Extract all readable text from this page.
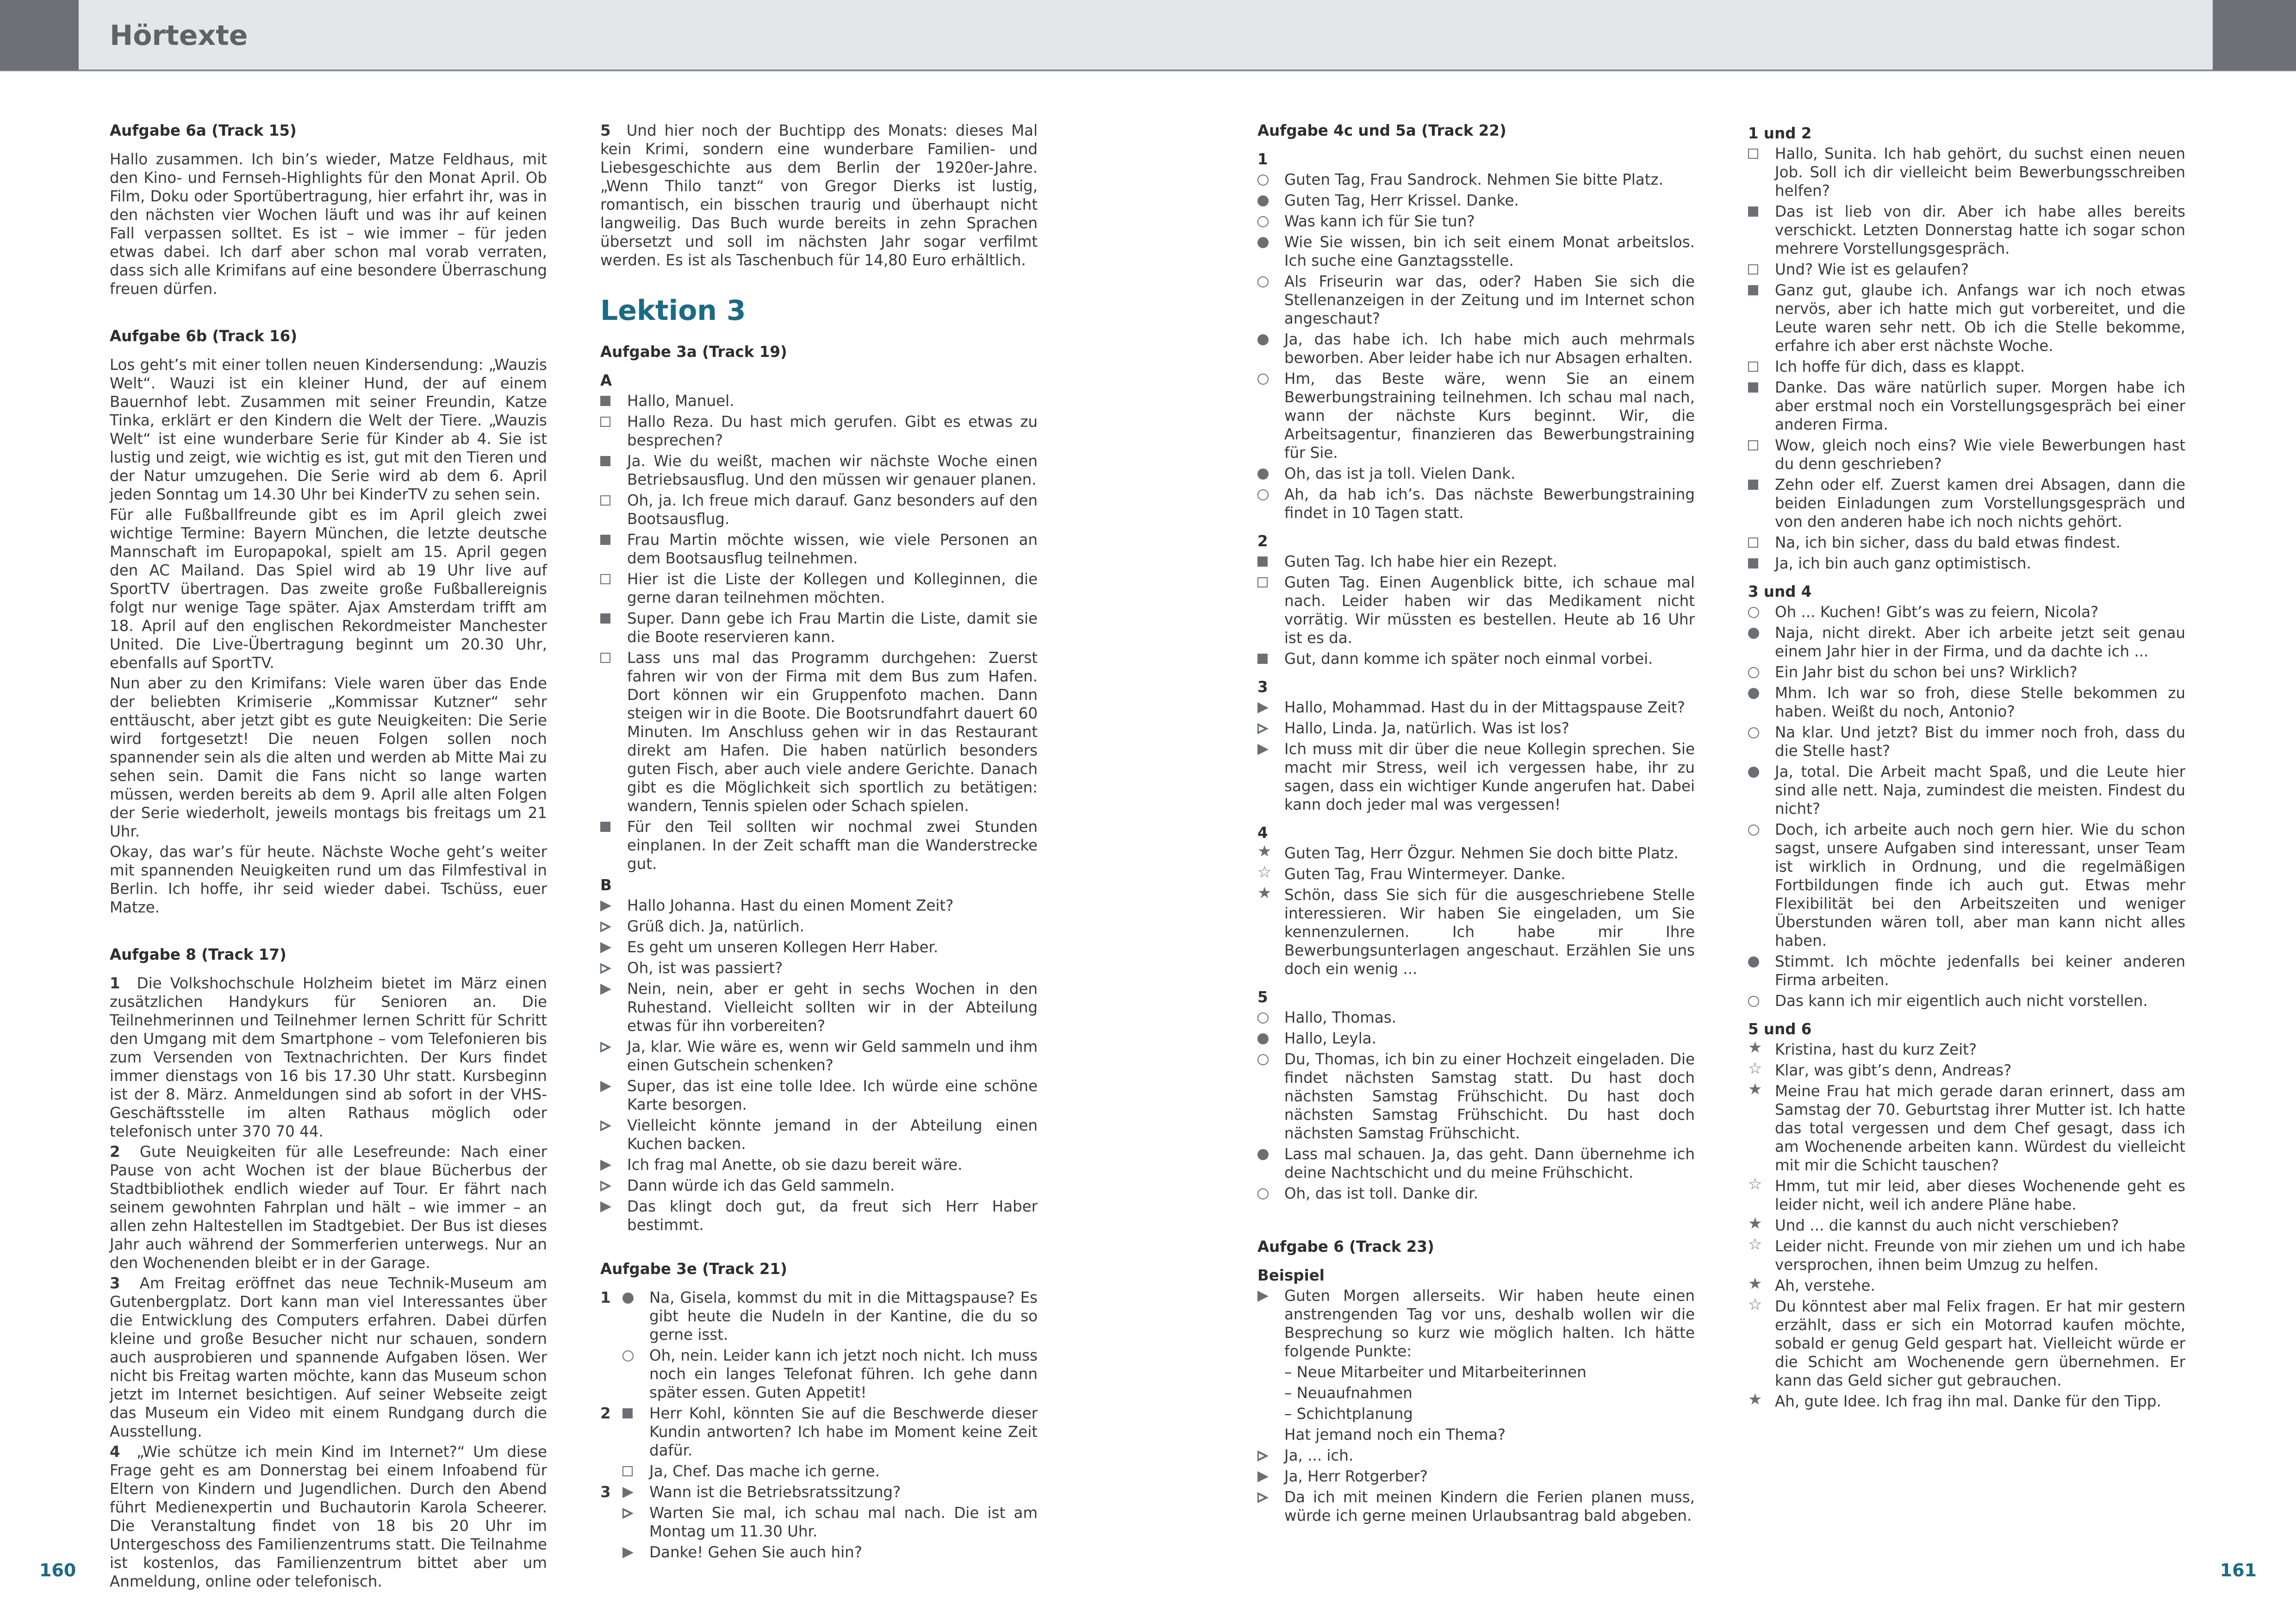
Hörtexte
Aufgabe 6a (Track 15)
Hallo zusammen. Ich bin’s wieder, Matze Feldhaus, mit den Kino- und Fernseh-Highlights für den Monat April. Ob Film, Doku oder Sportübertragung, hier erfahrt ihr, was in den nächsten vier Wochen läuft und was ihr auf keinen Fall verpassen solltet. Es ist – wie immer – für jeden etwas dabei. Ich darf aber schon mal vorab verraten, dass sich alle Krimifans auf eine besondere Überraschung freuen dürfen.
Aufgabe 6b (Track 16)
Los geht’s mit einer tollen neuen Kindersendung: „Wauzis Welt“. Wauzi ist ein kleiner Hund, der auf einem Bauernhof lebt. Zusammen mit seiner Freundin, Katze Tinka, erklärt er den Kindern die Welt der Tiere. „Wauzis Welt“ ist eine wunderbare Serie für Kinder ab 4. Sie ist lustig und zeigt, wie wichtig es ist, gut mit den Tieren und der Natur umzugehen. Die Serie wird ab dem 6. April jeden Sonntag um 14.30 Uhr bei KinderTV zu sehen sein.
Für alle Fußballfreunde gibt es im April gleich zwei wichtige Termine: Bayern München, die letzte deutsche Mannschaft im Europapokal, spielt am 15. April gegen den AC Mailand. Das Spiel wird ab 19 Uhr live auf SportTV übertragen. Das zweite große Fußballereignis folgt nur wenige Tage später. Ajax Amsterdam trifft am 18. April auf den englischen Rekordmeister Manchester United. Die Live-Übertragung beginnt um 20.30 Uhr, ebenfalls auf SportTV.
Nun aber zu den Krimifans: Viele waren über das Ende der beliebten Krimiserie „Kommissar Kutzner“ sehr enttäuscht, aber jetzt gibt es gute Neuigkeiten: Die Serie wird fortgesetzt! Die neuen Folgen sollen noch spannender sein als die alten und werden ab Mitte Mai zu sehen sein. Damit die Fans nicht so lange warten müssen, werden bereits ab dem 9. April alle alten Folgen der Serie wiederholt, jeweils montags bis freitags um 21 Uhr.
Okay, das war’s für heute. Nächste Woche geht’s weiter mit spannenden Neuigkeiten rund um das Filmfestival in Berlin. Ich hoffe, ihr seid wieder dabei. Tschüss, euer Matze.
Aufgabe 8 (Track 17)
1 Die Volkshochschule Holzheim bietet im März einen zusätzlichen Handykurs für Senioren an. Die Teilnehmerinnen und Teilnehmer lernen Schritt für Schritt den Umgang mit dem Smartphone – vom Telefonieren bis zum Versenden von Textnachrichten. Der Kurs findet immer dienstags von 16 bis 17.30 Uhr statt. Kursbeginn ist der 8. März. Anmeldungen sind ab sofort in der VHS-Geschäftsstelle im alten Rathaus möglich oder telefonisch unter 370 70 44.
2 Gute Neuigkeiten für alle Lesefreunde: Nach einer Pause von acht Wochen ist der blaue Bücherbus der Stadtbibliothek endlich wieder auf Tour. Er fährt nach seinem gewohnten Fahrplan und hält – wie immer – an allen zehn Haltestellen im Stadtgebiet. Der Bus ist dieses Jahr auch während der Sommerferien unterwegs. Nur an den Wochenenden bleibt er in der Garage.
3 Am Freitag eröffnet das neue Technik-Museum am Gutenbergplatz. Dort kann man viel Interessantes über die Entwicklung des Computers erfahren. Dabei dürfen kleine und große Besucher nicht nur schauen, sondern auch ausprobieren und spannende Aufgaben lösen. Wer nicht bis Freitag warten möchte, kann das Museum schon jetzt im Internet besichtigen. Auf seiner Webseite zeigt das Museum ein Video mit einem Rundgang durch die Ausstellung.
4 „Wie schütze ich mein Kind im Internet?“ Um diese Frage geht es am Donnerstag bei einem Infoabend für Eltern von Kindern und Jugendlichen. Durch den Abend führt Medienexpertin und Buchautorin Karola Scheerer. Die Veranstaltung findet von 18 bis 20 Uhr im Untergeschoss des Familienzentrums statt. Die Teilnahme ist kostenlos, das Familienzentrum bittet aber um Anmeldung, online oder telefonisch.
5 Und hier noch der Buchtipp des Monats: dieses Mal kein Krimi, sondern eine wunderbare Familien- und Liebesgeschichte aus dem Berlin der 1920er-Jahre. „Wenn Thilo tanzt“ von Gregor Dierks ist lustig, romantisch, ein bisschen traurig und überhaupt nicht langweilig. Das Buch wurde bereits in zehn Sprachen übersetzt und soll im nächsten Jahr sogar verfilmt werden. Es ist als Taschenbuch für 14,80 Euro erhältlich.
Lektion 3
Aufgabe 3a (Track 19)
A
Hallo, Manuel.
Hallo Reza. Du hast mich gerufen. Gibt es etwas zu besprechen?
Ja. Wie du weißt, machen wir nächste Woche einen Betriebsausflug. Und den müssen wir genauer planen.
Oh, ja. Ich freue mich darauf. Ganz besonders auf den Bootsausflug.
Frau Martin möchte wissen, wie viele Personen an dem Bootsausflug teilnehmen.
Hier ist die Liste der Kollegen und Kolleginnen, die gerne daran teilnehmen möchten.
Super. Dann gebe ich Frau Martin die Liste, damit sie die Boote reservieren kann.
Lass uns mal das Programm durchgehen: Zuerst fahren wir von der Firma mit dem Bus zum Hafen. Dort können wir ein Gruppenfoto machen. Dann steigen wir in die Boote. Die Bootsrundfahrt dauert 60 Minuten. Im Anschluss gehen wir in das Restaurant direkt am Hafen. Die haben natürlich besonders guten Fisch, aber auch viele andere Gerichte. Danach gibt es die Möglichkeit sich sportlich zu betätigen: wandern, Tennis spielen oder Schach spielen.
Für den Teil sollten wir nochmal zwei Stunden einplanen. In der Zeit schafft man die Wanderstrecke gut.
B
Hallo Johanna. Hast du einen Moment Zeit?
Grüß dich. Ja, natürlich.
Es geht um unseren Kollegen Herr Haber.
Oh, ist was passiert?
Nein, nein, aber er geht in sechs Wochen in den Ruhestand. Vielleicht sollten wir in der Abteilung etwas für ihn vorbereiten?
Ja, klar. Wie wäre es, wenn wir Geld sammeln und ihm einen Gutschein schenken?
Super, das ist eine tolle Idee. Ich würde eine schöne Karte besorgen.
Vielleicht könnte jemand in der Abteilung einen Kuchen backen.
Ich frag mal Anette, ob sie dazu bereit wäre.
Dann würde ich das Geld sammeln.
Das klingt doch gut, da freut sich Herr Haber bestimmt.
Aufgabe 3e (Track 21)
1	Na, Gisela, kommst du mit in die Mittagspause? Es gibt heute die Nudeln in der Kantine, die du so gerne isst.
Oh, nein. Leider kann ich jetzt noch nicht. Ich muss noch ein langes Telefonat führen. Ich gehe dann später essen. Guten Appetit!
2	Herr Kohl, könnten Sie auf die Beschwerde dieser Kundin antworten? Ich habe im Moment keine Zeit dafür.
Ja, Chef. Das mache ich gerne.
3	Wann ist die Betriebsratssitzung?
Warten Sie mal, ich schau mal nach. Die ist am Montag um 11.30 Uhr.
Danke! Gehen Sie auch hin?
Aufgabe 4c und 5a (Track 22)
1
Guten Tag, Frau Sandrock. Nehmen Sie bitte Platz.
Guten Tag, Herr Krissel. Danke.
Was kann ich für Sie tun?
Wie Sie wissen, bin ich seit einem Monat arbeitslos. Ich suche eine Ganztagsstelle.
Als Friseurin war das, oder? Haben Sie sich die Stellenanzeigen in der Zeitung und im Internet schon angeschaut?
Ja, das habe ich. Ich habe mich auch mehrmals beworben. Aber leider habe ich nur Absagen erhalten.
Hm, das Beste wäre, wenn Sie an einem Bewerbungstraining teilnehmen. Ich schau mal nach, wann der nächste Kurs beginnt. Wir, die Arbeitsagentur, finanzieren das Bewerbungstraining für Sie.
Oh, das ist ja toll. Vielen Dank.
Ah, da hab ich’s. Das nächste Bewerbungstraining findet in 10 Tagen statt.
2
Guten Tag. Ich habe hier ein Rezept.
Guten Tag. Einen Augenblick bitte, ich schaue mal nach. Leider haben wir das Medikament nicht vorrätig. Wir müssten es bestellen. Heute ab 16 Uhr ist es da.
Gut, dann komme ich später noch einmal vorbei.
3
Hallo, Mohammad. Hast du in der Mittagspause Zeit?
Hallo, Linda. Ja, natürlich. Was ist los?
Ich muss mit dir über die neue Kollegin sprechen. Sie macht mir Stress, weil ich vergessen habe, ihr zu sagen, dass ein wichtiger Kunde angerufen hat. Dabei kann doch jeder mal was vergessen!
4
★ Guten Tag, Herr Özgur. Nehmen Sie doch bitte Platz.
☆ Guten Tag, Frau Wintermeyer. Danke.
★ Schön, dass Sie sich für die ausgeschriebene Stelle interessieren. Wir haben Sie eingeladen, um Sie kennenzulernen. Ich habe mir Ihre Bewerbungsunterlagen angeschaut. Erzählen Sie uns doch ein wenig ...
5
Hallo, Thomas.
Hallo, Leyla.
Du, Thomas, ich bin zu einer Hochzeit eingeladen. Die findet nächsten Samstag statt. Du hast doch nächsten Samstag Frühschicht. Du hast doch nächsten Samstag Frühschicht. Du hast doch nächsten Samstag Frühschicht.
Lass mal schauen. Ja, das geht. Dann übernehme ich deine Nachtschicht und du meine Frühschicht.
Oh, das ist toll. Danke dir.
Aufgabe 6 (Track 23)
Beispiel
Guten Morgen allerseits. Wir haben heute einen anstrengenden Tag vor uns, deshalb wollen wir die Besprechung so kurz wie möglich halten. Ich hätte folgende Punkte:
– Neue Mitarbeiter und Mitarbeiterinnen
– Neuaufnahmen
– Schichtplanung
Hat jemand noch ein Thema?
Ja, ... ich.
Ja, Herr Rotgerber?
Da ich mit meinen Kindern die Ferien planen muss, würde ich gerne meinen Urlaubsantrag bald abgeben.
1 und 2
Hallo, Sunita. Ich hab gehört, du suchst einen neuen Job. Soll ich dir vielleicht beim Bewerbungsschreiben helfen?
Das ist lieb von dir. Aber ich habe alles bereits verschickt. Letzten Donnerstag hatte ich sogar schon mehrere Vorstellungsgespräch.
Und? Wie ist es gelaufen?
Ganz gut, glaube ich. Anfangs war ich noch etwas nervös, aber ich hatte mich gut vorbereitet, und die Leute waren sehr nett. Ob ich die Stelle bekomme, erfahre ich aber erst nächste Woche.
Ich hoffe für dich, dass es klappt.
Danke. Das wäre natürlich super. Morgen habe ich aber erstmal noch ein Vorstellungsgespräch bei einer anderen Firma.
Wow, gleich noch eins? Wie viele Bewerbungen hast du denn geschrieben?
Zehn oder elf. Zuerst kamen drei Absagen, dann die beiden Einladungen zum Vorstellungsgespräch und von den anderen habe ich noch nichts gehört.
Na, ich bin sicher, dass du bald etwas findest.
Ja, ich bin auch ganz optimistisch.
3 und 4
Oh ... Kuchen! Gibt’s was zu feiern, Nicola?
Naja, nicht direkt. Aber ich arbeite jetzt seit genau einem Jahr hier in der Firma, und da dachte ich ...
Ein Jahr bist du schon bei uns? Wirklich?
Mhm. Ich war so froh, diese Stelle bekommen zu haben. Weißt du noch, Antonio?
Na klar. Und jetzt? Bist du immer noch froh, dass du die Stelle hast?
Ja, total. Die Arbeit macht Spaß, und die Leute hier sind alle nett. Naja, zumindest die meisten. Findest du nicht?
Doch, ich arbeite auch noch gern hier. Wie du schon sagst, unsere Aufgaben sind interessant, unser Team ist wirklich in Ordnung, und die regelmäßigen Fortbildungen finde ich auch gut. Etwas mehr Flexibilität bei den Arbeitszeiten und weniger Überstunden wären toll, aber man kann nicht alles haben.
Stimmt. Ich möchte jedenfalls bei keiner anderen Firma arbeiten.
Das kann ich mir eigentlich auch nicht vorstellen.
5 und 6
★ Kristina, hast du kurz Zeit?
☆ Klar, was gibt’s denn, Andreas?
★ Meine Frau hat mich gerade daran erinnert, dass am Samstag der 70. Geburtstag ihrer Mutter ist. Ich hatte das total vergessen und dem Chef gesagt, dass ich am Wochenende arbeiten kann. Würdest du vielleicht mit mir die Schicht tauschen?
☆ Hmm, tut mir leid, aber dieses Wochenende geht es leider nicht, weil ich andere Pläne habe.
★ Und ... die kannst du auch nicht verschieben?
☆ Leider nicht. Freunde von mir ziehen um und ich habe versprochen, ihnen beim Umzug zu helfen.
★ Ah, verstehe.
☆ Du könntest aber mal Felix fragen. Er hat mir gestern erzählt, dass er sich ein Motorrad kaufen möchte, sobald er genug Geld gespart hat. Vielleicht würde er die Schicht am Wochenende gern übernehmen. Er kann das Geld sicher gut gebrauchen.
★ Ah, gute Idee. Ich frag ihn mal. Danke für den Tipp.
160	161
